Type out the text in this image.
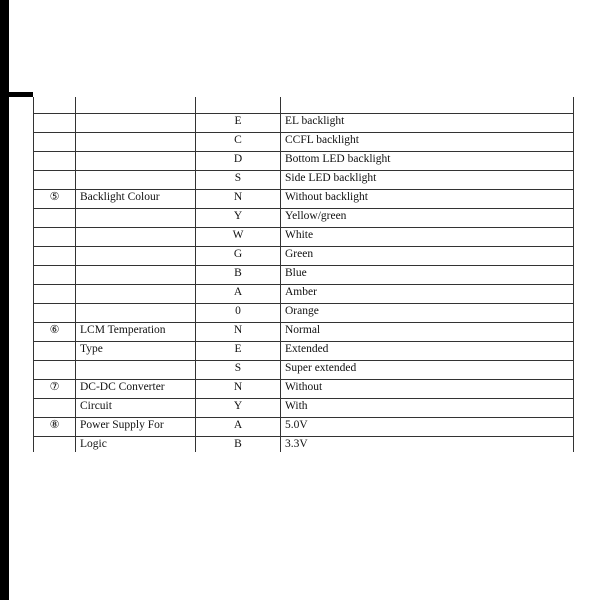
		E	EL backlight
		C	CCFL backlight
		D	Bottom LED backlight
		S	Side LED backlight
⑤	Backlight Colour	N	Without backlight
		Y	Yellow/green
		W	White
		G	Green
		B	Blue
		A	Amber
		0	Orange
⑥	LCM Temperation	N	Normal
	Type	E	Extended
		S	Super extended
⑦	DC-DC Converter	N	Without
	Circuit	Y	With
⑧	Power Supply For	A	5.0V
	Logic	B	3.3V
